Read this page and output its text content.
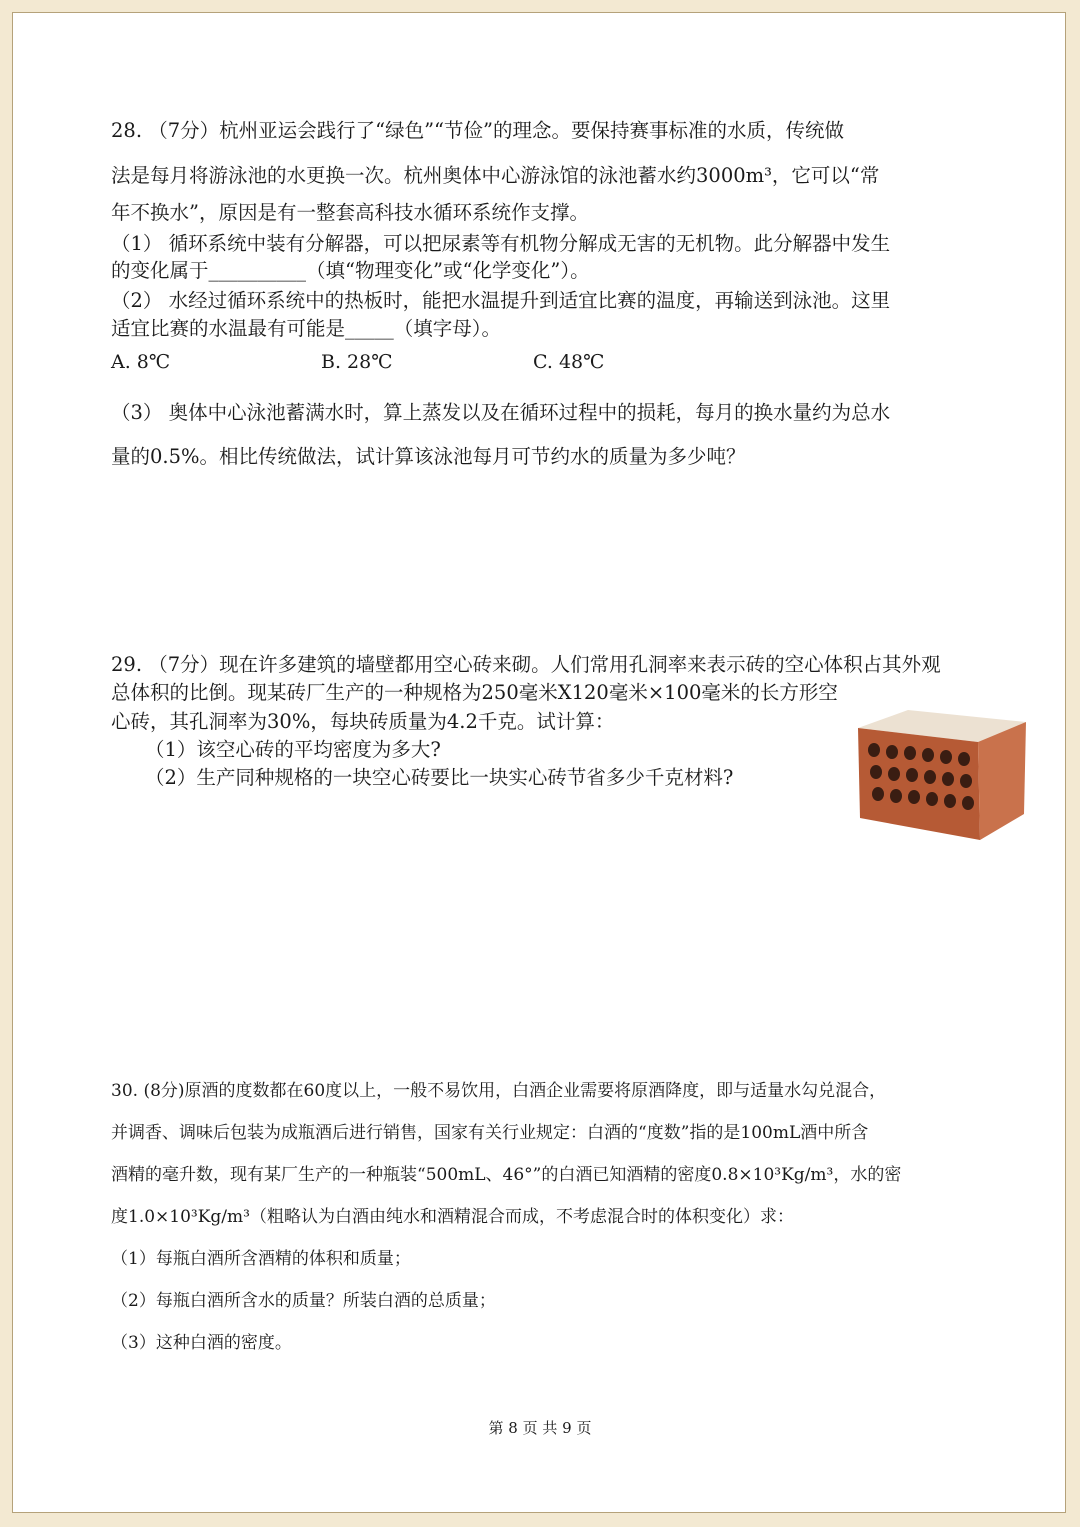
28. （7分）杭州亚运会践行了“绿色”“节俭”的理念。要保持赛事标准的水质，传统做
法是每月将游泳池的水更换一次。杭州奥体中心游泳馆的泳池蓄水约3000m³，它可以“常
年不换水”，原因是有一整套高科技水循环系统作支撑。
（1） 循环系统中装有分解器，可以把尿素等有机物分解成无害的无机物。此分解器中发生
的变化属于__________（填“物理变化”或“化学变化”）。
（2） 水经过循环系统中的热板时，能把水温提升到适宜比赛的温度，再输送到泳池。这里
适宜比赛的水温最有可能是_____（填字母）。
A. 8℃	B. 28℃	C. 48℃
（3） 奥体中心泳池蓄满水时，算上蒸发以及在循环过程中的损耗，每月的换水量约为总水
量的0.5%。相比传统做法，试计算该泳池每月可节约水的质量为多少吨？
29. （7分）现在许多建筑的墙壁都用空心砖来砌。人们常用孔洞率来表示砖的空心体积占其外观
总体积的比倒。现某砖厂生产的一种规格为250毫米X120毫米×100毫米的长方形空
心砖，其孔洞率为30%，每块砖质量为4.2千克。试计算：
（1）该空心砖的平均密度为多大?
（2）生产同种规格的一块空心砖要比一块实心砖节省多少千克材料?
30. (8分)原酒的度数都在60度以上，一般不易饮用，白酒企业需要将原酒降度，即与适量水勾兑混合，
并调香、调味后包装为成瓶酒后进行销售，国家有关行业规定：白酒的“度数”指的是100mL酒中所含
酒精的毫升数，现有某厂生产的一种瓶装“500mL、46°”的白酒已知酒精的密度0.8×10³Kg/m³，水的密
度1.0×10³Kg/m³（粗略认为白酒由纯水和酒精混合而成，不考虑混合时的体积变化）求：
（1）每瓶白酒所含酒精的体积和质量；
（2）每瓶白酒所含水的质量？所装白酒的总质量；
（3）这种白酒的密度。
第 8 页 共 9 页
